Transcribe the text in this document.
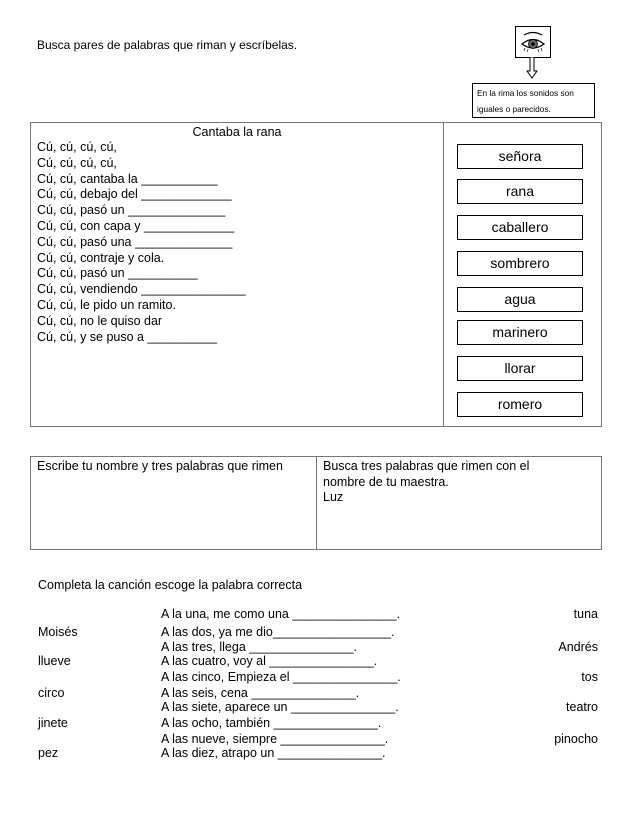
Busca pares de palabras que riman y escríbelas.
En la rima los sonidos son
iguales o parecidos.
Cantaba la rana
Cú, cú, cú, cú,
Cú, cú, cú, cú,
Cú, cú, cantaba la ___________
Cú, cú, debajo del _____________
Cú, cú, pasó un ______________
Cú, cú, con capa y _____________
Cú, cú, pasó una ______________
Cú, cú, contraje y cola.
Cú, cú, pasó un __________
Cú, cú, vendiendo _______________
Cú, cú, le pido un ramito.
Cú, cú, no le quiso dar
Cú, cú, y se puso a __________
señora
rana
caballero
sombrero
agua
marinero
llorar
romero
Escribe tu nombre y tres palabras que rimen	Busca tres palabras que rimen con el
nombre de tu maestra.
Luz
Completa la canción escoge la palabra correcta
A la una, me como una _______________.	tuna
Moisés	A las dos, ya me dio_________________.
A las tres, llega _______________.	Andrés
llueve	A las cuatro, voy al _______________.
A las cinco, Empieza el _______________.	tos
circo	A las seis, cena _______________.
A las siete, aparece un _______________.	teatro
jinete	A las ocho, también _______________.
A las nueve, siempre _______________.	pinocho
pez	A las diez, atrapo un _______________.
